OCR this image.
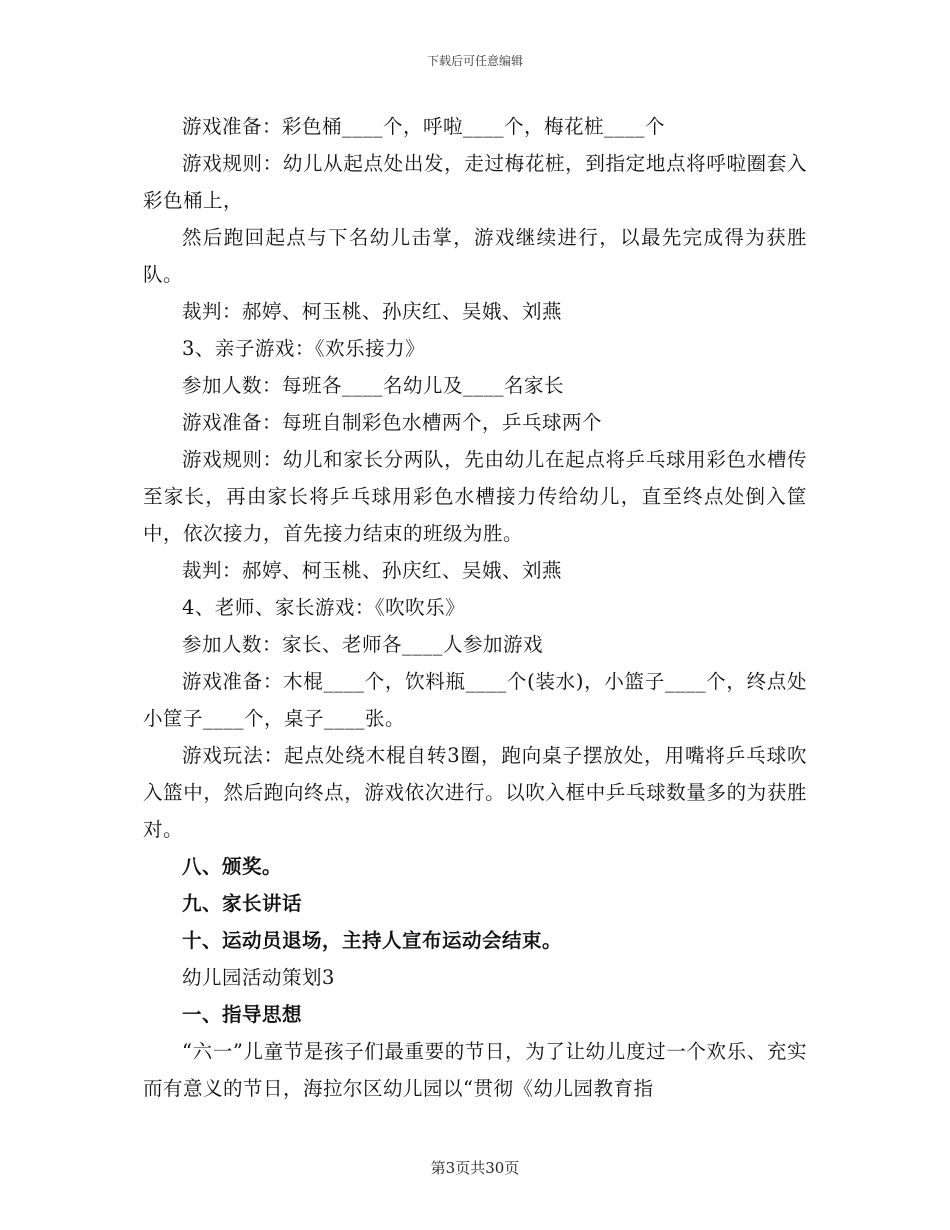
下载后可任意编辑

游戏准备：彩色桶____个，呼啦____个，梅花桩____个

游戏规则：幼儿从起点处出发，走过梅花桩，到指定地点将呼啦圈套入彩色桶上，

然后跑回起点与下名幼儿击掌，游戏继续进行，以最先完成得为获胜队。

裁判：郝婷、柯玉桃、孙庆红、吴娥、刘燕

3、亲子游戏：《欢乐接力》

参加人数：每班各____名幼儿及____名家长

游戏准备：每班自制彩色水槽两个，乒乓球两个

游戏规则：幼儿和家长分两队，先由幼儿在起点将乒乓球用彩色水槽传至家长，再由家长将乒乓球用彩色水槽接力传给幼儿，直至终点处倒入筐中，依次接力，首先接力结束的班级为胜。

裁判：郝婷、柯玉桃、孙庆红、吴娥、刘燕

4、老师、家长游戏：《吹吹乐》

参加人数：家长、老师各____人参加游戏

游戏准备：木棍____个，饮料瓶____个(装水)，小篮子____个，终点处小筐子____个，桌子____张。

游戏玩法：起点处绕木棍自转3圈，跑向桌子摆放处，用嘴将乒乓球吹入篮中，然后跑向终点，游戏依次进行。以吹入框中乒乓球数量多的为获胜对。

八、颁奖。

九、家长讲话

十、运动员退场，主持人宣布运动会结束。

幼儿园活动策划3

一、指导思想

“六一”儿童节是孩子们最重要的节日，为了让幼儿度过一个欢乐、充实而有意义的节日，海拉尔区幼儿园以“贯彻《幼儿园教育指

第3页共30页
